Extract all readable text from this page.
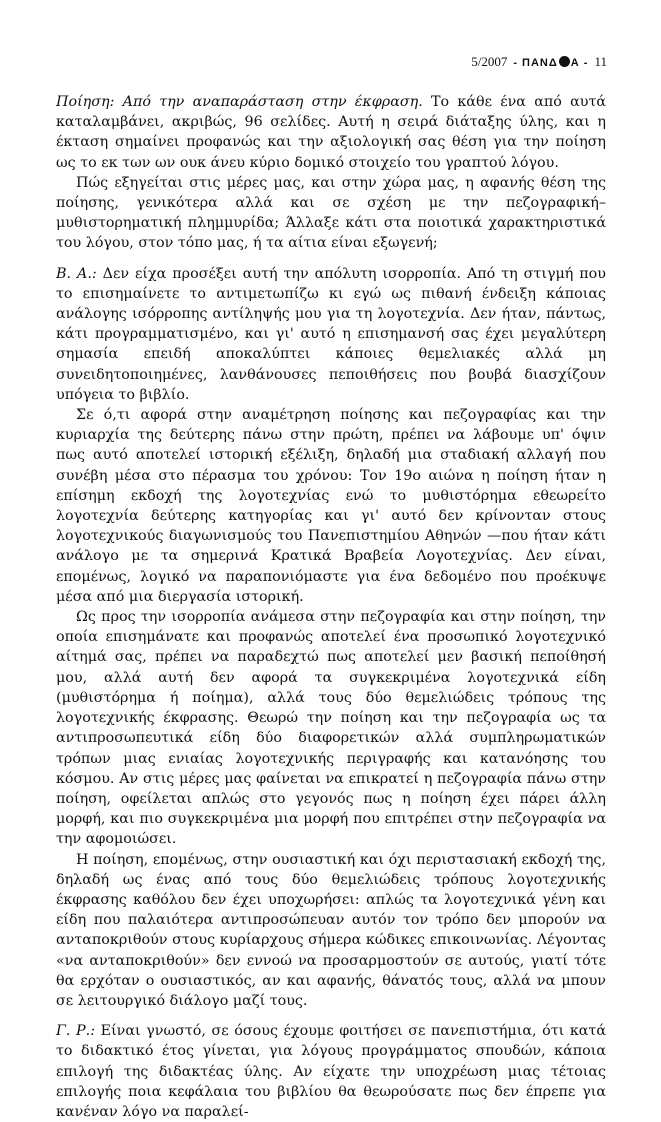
5/2007 - ΠΑΝΔ Α - 11

Ποίηση: Από την αναπαράσταση στην έκφραση. Το κάθε ένα από αυτά καταλαμβάνει, ακριβώς, 96 σελίδες. Αυτή η σειρά διάταξης ύλης, και η έκταση σημαίνει προφανώς και την αξιολογική σας θέση για την ποίηση ως το εκ των ων ουκ άνευ κύριο δομικό στοιχείο του γραπτού λόγου.

Πώς εξηγείται στις μέρες μας, και στην χώρα μας, η αφανής θέση της ποίησης, γενικότερα αλλά και σε σχέση με την πεζογραφική–μυθιστορηματική πλημμυρίδα; Άλλαξε κάτι στα ποιοτικά χαρακτηριστικά του λόγου, στον τόπο μας, ή τα αίτια είναι εξωγενή;

Β. Α.: Δεν είχα προσέξει αυτή την απόλυτη ισορροπία. Από τη στιγμή που το επισημαίνετε το αντιμετωπίζω κι εγώ ως πιθανή ένδειξη κάποιας ανάλογης ισόρροπης αντίληψής μου για τη λογοτεχνία. Δεν ήταν, πάντως, κάτι προγραμματισμένο, και γι' αυτό η επισημανσή σας έχει μεγαλύτερη σημασία επειδή αποκαλύπτει κάποιες θεμελιακές αλλά μη συνειδητοποιημένες, λανθάνουσες πεποιθήσεις που βουβά διασχίζουν υπόγεια το βιβλίο.

Σε ό,τι αφορά στην αναμέτρηση ποίησης και πεζογραφίας και την κυριαρχία της δεύτερης πάνω στην πρώτη, πρέπει να λάβουμε υπ' όψιν πως αυτό αποτελεί ιστορική εξέλιξη, δηλαδή μια σταδιακή αλλαγή που συνέβη μέσα στο πέρασμα του χρόνου: Τον 19ο αιώνα η ποίηση ήταν η επίσημη εκδοχή της λογοτεχνίας ενώ το μυθιστόρημα εθεωρείτο λογοτεχνία δεύτερης κατηγορίας και γι' αυτό δεν κρίνονταν στους λογοτεχνικούς διαγωνισμούς του Πανεπιστημίου Αθηνών —που ήταν κάτι ανάλογο με τα σημερινά Κρατικά Βραβεία Λογοτεχνίας. Δεν είναι, επομένως, λογικό να παραπονιόμαστε για ένα δεδομένο που προέκυψε μέσα από μια διεργασία ιστορική.

Ως προς την ισορροπία ανάμεσα στην πεζογραφία και στην ποίηση, την οποία επισημάνατε και προφανώς αποτελεί ένα προσωπικό λογοτεχνικό αίτημά σας, πρέπει να παραδεχτώ πως αποτελεί μεν βασική πεποίθησή μου, αλλά αυτή δεν αφορά τα συγκεκριμένα λογοτεχνικά είδη (μυθιστόρημα ή ποίημα), αλλά τους δύο θεμελιώδεις τρόπους της λογοτεχνικής έκφρασης. Θεωρώ την ποίηση και την πεζογραφία ως τα αντιπροσωπευτικά είδη δύο διαφορετικών αλλά συμπληρωματικών τρόπων μιας ενιαίας λογοτεχνικής περιγραφής και κατανόησης του κόσμου. Αν στις μέρες μας φαίνεται να επικρατεί η πεζογραφία πάνω στην ποίηση, οφείλεται απλώς στο γεγονός πως η ποίηση έχει πάρει άλλη μορφή, και πιο συγκεκριμένα μια μορφή που επιτρέπει στην πεζογραφία να την αφομοιώσει.

Η ποίηση, επομένως, στην ουσιαστική και όχι περιστασιακή εκδοχή της, δηλαδή ως ένας από τους δύο θεμελιώδεις τρόπους λογοτεχνικής έκφρασης καθόλου δεν έχει υποχωρήσει: απλώς τα λογοτεχνικά γένη και είδη που παλαιότερα αντιπροσώπευαν αυτόν τον τρόπο δεν μπορούν να ανταποκριθούν στους κυρίαρχους σήμερα κώδικες επικοινωνίας. Λέγοντας «να ανταποκριθούν» δεν εννοώ να προσαρμοστούν σε αυτούς, γιατί τότε θα ερχόταν ο ουσιαστικός, αν και αφανής, θάνατός τους, αλλά να μπουν σε λειτουργικό διάλογο μαζί τους.

Γ. Ρ.: Είναι γνωστό, σε όσους έχουμε φοιτήσει σε πανεπιστήμια, ότι κατά το διδακτικό έτος γίνεται, για λόγους προγράμματος σπουδών, κάποια επιλογή της διδακτέας ύλης. Αν είχατε την υποχρέωση μιας τέτοιας επιλογής ποια κεφάλαια του βιβλίου θα θεωρούσατε πως δεν έπρεπε για κανέναν λόγο να παραλεί-
